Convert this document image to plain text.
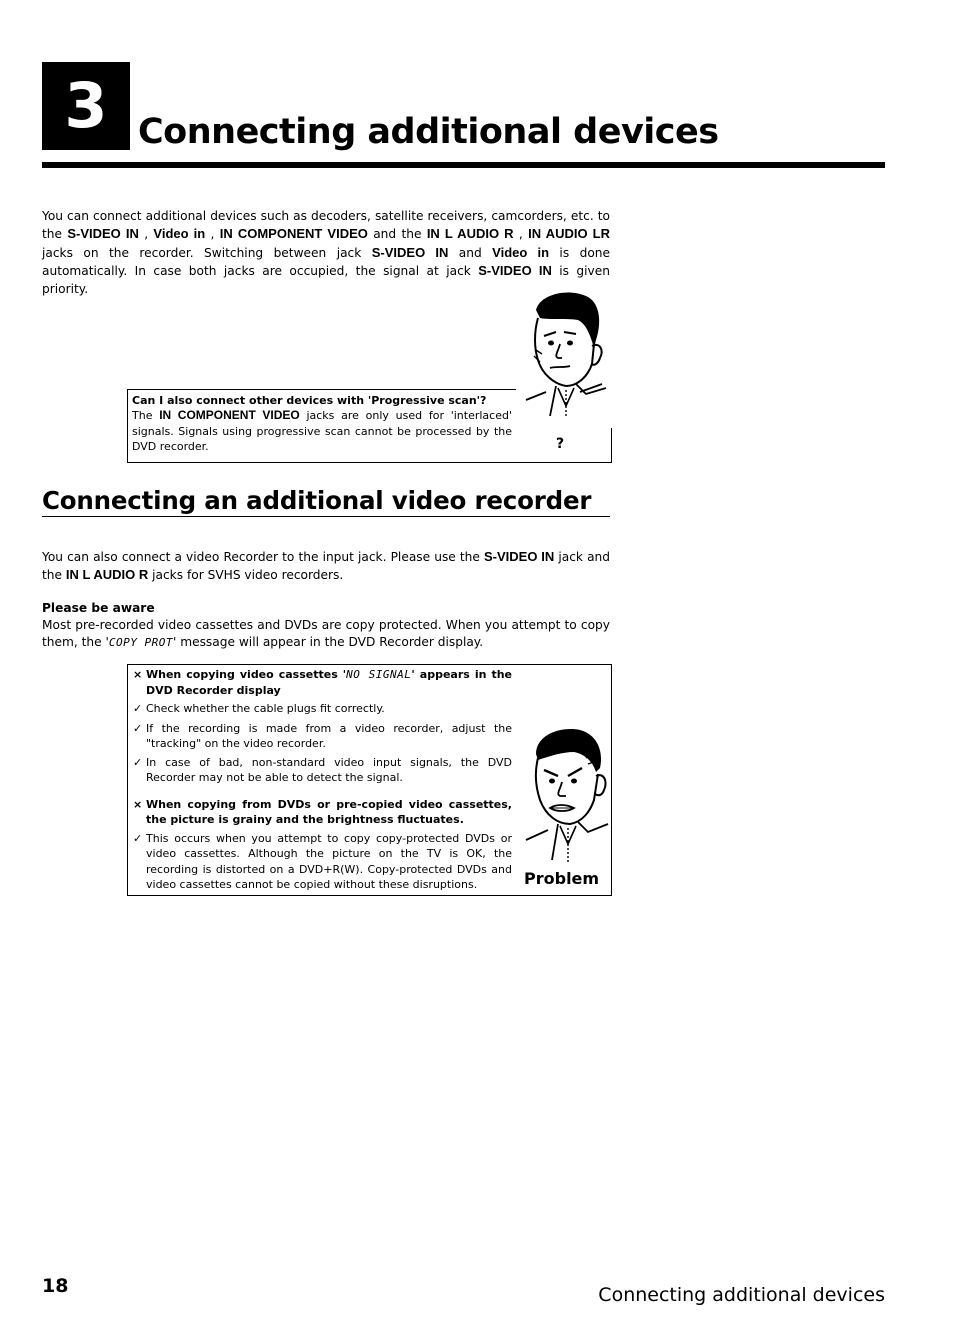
3 Connecting additional devices
You can connect additional devices such as decoders, satellite receivers, camcorders, etc. to the S-VIDEO IN , Video in , IN COMPONENT VIDEO and the IN L AUDIO R , IN AUDIO LR jacks on the recorder. Switching between jack S-VIDEO IN and Video in is done automatically. In case both jacks are occupied, the signal at jack S-VIDEO IN is given priority.
Can I also connect other devices with 'Progressive scan'?
The IN COMPONENT VIDEO jacks are only used for 'interlaced' signals. Signals using progressive scan cannot be processed by the DVD recorder.	?
Connecting an additional video recorder
You can also connect a video Recorder to the input jack. Please use the S-VIDEO IN jack and the IN L AUDIO R jacks for SVHS video recorders.
Please be aware
Most pre-recorded video cassettes and DVDs are copy protected. When you attempt to copy them, the 'COPY PROT' message will appear in the DVD Recorder display.
× When copying video cassettes 'NO SIGNAL' appears in the DVD Recorder display
✓ Check whether the cable plugs fit correctly.
✓ If the recording is made from a video recorder, adjust the "tracking" on the video recorder.
✓ In case of bad, non-standard video input signals, the DVD Recorder may not be able to detect the signal.
× When copying from DVDs or pre-copied video cassettes, the picture is grainy and the brightness fluctuates.
✓ This occurs when you attempt to copy copy-protected DVDs or video cassettes. Although the picture on the TV is OK, the recording is distorted on a DVD+R(W). Copy-protected DVDs and video cassettes cannot be copied without these disruptions.	Problem
18	Connecting additional devices
